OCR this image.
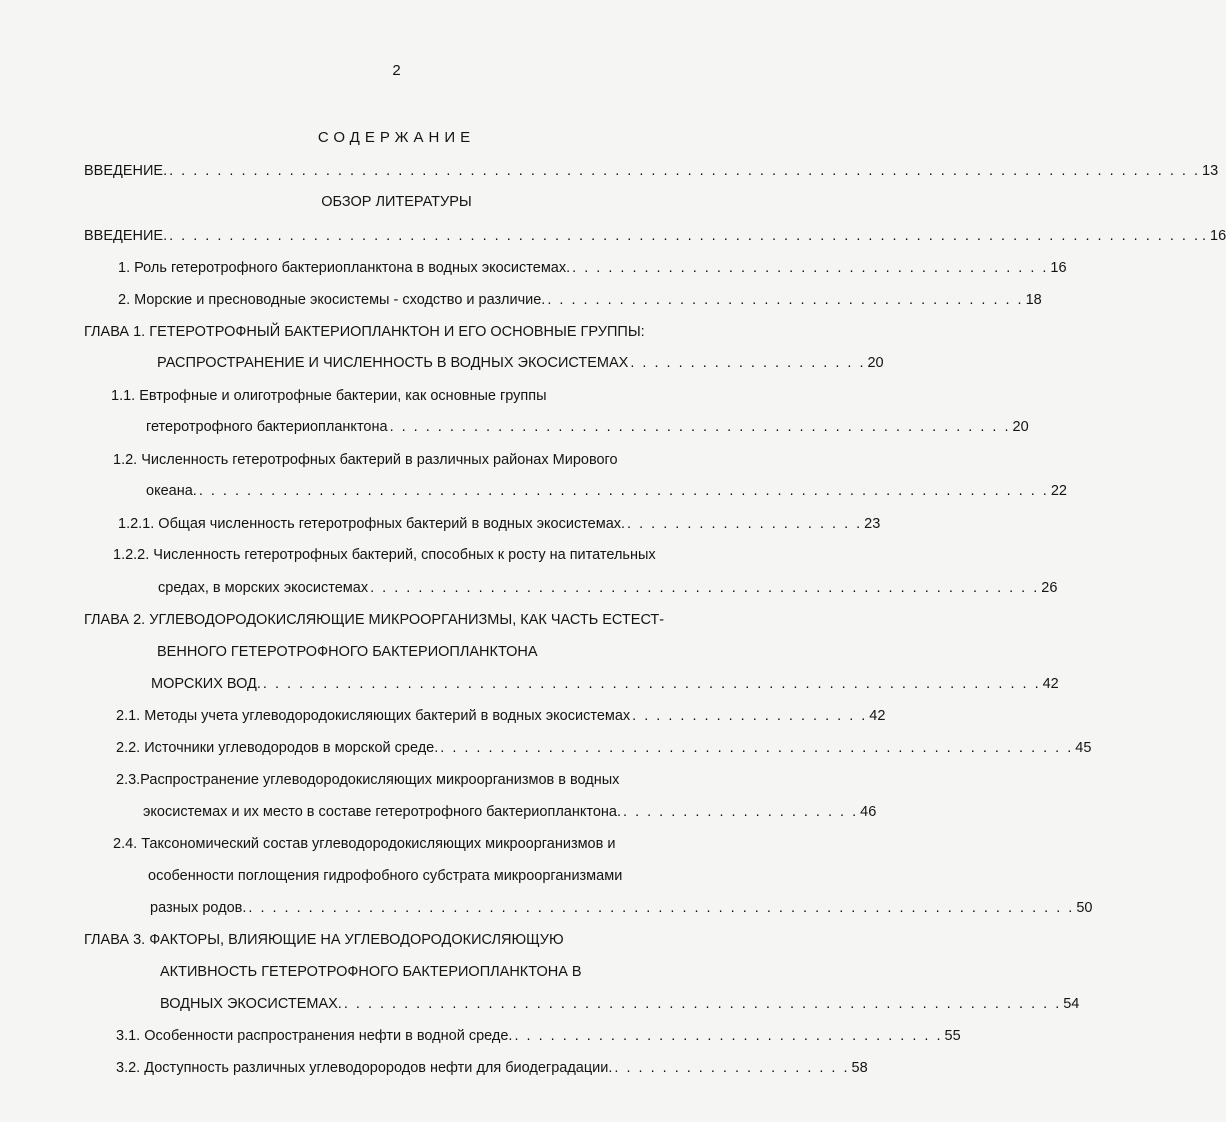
2
СОДЕРЖАНИЕ
ВВЕДЕНИЕ. . . . . . . . . . . . . . . . . . . . . . . . . . . . . . . . . . . . . . . . . . . . . . . . . . . . . . . . . . . . . . . . . . . . . . . . . . . . . . . . . . . . . . . 13
ОБЗОР ЛИТЕРАТУРЫ
ВВЕДЕНИЕ. . . . . . . . . . . . . . . . . . . . . . . . . . . . . . . . . . . . . . . . . . . . . . . . . . . . . . . . . . . . . . . . . . . . . . . . . . . . . . . . . . . . . . . . 16
1. Роль гетеротрофного бактериопланктона в водных экосистемах. . . . . . . . . . . . . . . . . . . . . . . . . . . . . . . . . . . . . . . . . 16
2. Морские и пресноводные экосистемы - сходство и различие. . . . . . . . . . . . . . . . . . . . . . . . . . . . . . . . . . . . . . . . . 18
ГЛАВА 1. ГЕТЕРОТРОФНЫЙ БАКТЕРИОПЛАНКТОН И ЕГО ОСНОВНЫЕ ГРУППЫ:
РАСПРОСТРАНЕНИЕ И ЧИСЛЕННОСТЬ В ВОДНЫХ ЭКОСИСТЕМАХ . . . . . . . . . . . . . . . . . . . . 20
1.1. Евтрофные и олиготрофные бактерии, как основные группы
гетеротрофного бактериопланктона . . . . . . . . . . . . . . . . . . . . . . . . . . . . . . . . . . . . . . . . . . . . . . . . . . . . 20
1.2. Численность гетеротрофных бактерий в различных районах Мирового
океана. . . . . . . . . . . . . . . . . . . . . . . . . . . . . . . . . . . . . . . . . . . . . . . . . . . . . . . . . . . . . . . . . . . . . . . . 22
1.2.1. Общая численность гетеротрофных бактерий в водных экосистемах. . . . . . . . . . . . . . . . . . . . . 23
1.2.2. Численность гетеротрофных бактерий, способных к росту на питательных
средах, в морских экосистемах . . . . . . . . . . . . . . . . . . . . . . . . . . . . . . . . . . . . . . . . . . . . . . . . . . . . . . . . 26
ГЛАВА 2. УГЛЕВОДОРОДОКИСЛЯЮЩИЕ МИКРООРГАНИЗМЫ, КАК ЧАСТЬ ЕСТЕСТ-
ВЕННОГО ГЕТЕРОТРОФНОГО БАКТЕРИОПЛАНКТОНА
МОРСКИХ ВОД. . . . . . . . . . . . . . . . . . . . . . . . . . . . . . . . . . . . . . . . . . . . . . . . . . . . . . . . . . . . . . . . . . 42
2.1. Методы учета углеводородокисляющих бактерий в водных экосистемах . . . . . . . . . . . . . . . . . . . . 42
2.2. Источники углеводородов в морской среде. . . . . . . . . . . . . . . . . . . . . . . . . . . . . . . . . . . . . . . . . . . . . . . . . . . . . . 45
2.3.Распространение углеводородокисляющих микроорганизмов в водных
экосистемах и их место в составе гетеротрофного бактериопланктона. . . . . . . . . . . . . . . . . . . . . 46
2.4. Таксономический состав углеводородокисляющих микроорганизмов и
особенности поглощения гидрофобного субстрата микроорганизмами
разных родов. . . . . . . . . . . . . . . . . . . . . . . . . . . . . . . . . . . . . . . . . . . . . . . . . . . . . . . . . . . . . . . . . . . . . . 50
ГЛАВА 3. ФАКТОРЫ, ВЛИЯЮЩИЕ НА УГЛЕВОДОРОДОКИСЛЯЮЩУЮ
АКТИВНОСТЬ ГЕТЕРОТРОФНОГО БАКТЕРИОПЛАНКТОНА В
ВОДНЫХ ЭКОСИСТЕМАХ. . . . . . . . . . . . . . . . . . . . . . . . . . . . . . . . . . . . . . . . . . . . . . . . . . . . . . . . . . . . . 54
3.1. Особенности распространения нефти в водной среде. . . . . . . . . . . . . . . . . . . . . . . . . . . . . . . . . . . . . 55
3.2. Доступность различных углеводорородов нефти для биодеградации. . . . . . . . . . . . . . . . . . . . . 58
